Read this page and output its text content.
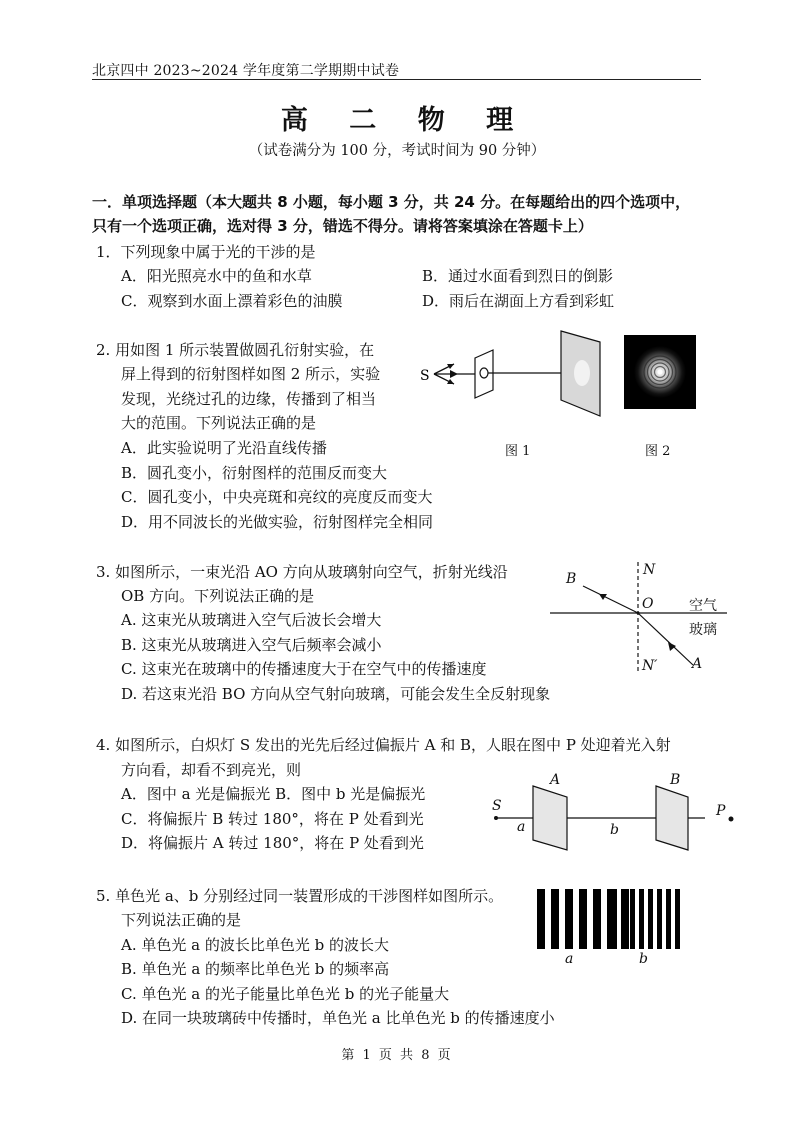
北京四中 2023~2024 学年度第二学期期中试卷
高 二 物 理
（试卷满分为 100 分，考试时间为 90 分钟）
一．单项选择题（本大题共 8 小题，每小题 3 分，共 24 分。在每题给出的四个选项中，
只有一个选项正确，选对得 3 分，错选不得分。请将答案填涂在答题卡上）
1．下列现象中属于光的干涉的是
A．阳光照亮水中的鱼和水草	B．通过水面看到烈日的倒影
C．观察到水面上漂着彩色的油膜	D．雨后在湖面上方看到彩虹
2. 用如图 1 所示装置做圆孔衍射实验，在
屏上得到的衍射图样如图 2 所示，实验
发现，光绕过孔的边缘，传播到了相当
大的范围。下列说法正确的是
A．此实验说明了光沿直线传播
B．圆孔变小，衍射图样的范围反而变大
C．圆孔变小，中央亮斑和亮纹的亮度反而变大
D．用不同波长的光做实验，衍射图样完全相同
S
图 1	图 2
3. 如图所示，一束光沿 AO 方向从玻璃射向空气，折射光线沿
OB 方向。下列说法正确的是
A. 这束光从玻璃进入空气后波长会增大
B. 这束光从玻璃进入空气后频率会减小
C. 这束光在玻璃中的传播速度大于在空气中的传播速度
D. 若这束光沿 BO 方向从空气射向玻璃，可能会发生全反射现象
B
N
O	空气
玻璃
N′ A
4. 如图所示，白炽灯 S 发出的光先后经过偏振片 A 和 B，人眼在图中 P 处迎着光入射
方向看，却看不到亮光，则
A．图中 a 光是偏振光 B．图中 b 光是偏振光
C．将偏振片 B 转过 180°，将在 P 处看到光
D．将偏振片 A 转过 180°，将在 P 处看到光
A	B
S	P
a	b
5. 单色光 a、b 分别经过同一装置形成的干涉图样如图所示。
下列说法正确的是
A. 单色光 a 的波长比单色光 b 的波长大
B. 单色光 a 的频率比单色光 b 的频率高
C. 单色光 a 的光子能量比单色光 b 的光子能量大
D. 在同一块玻璃砖中传播时，单色光 a 比单色光 b 的传播速度小
a	b
第 1 页 共 8 页
